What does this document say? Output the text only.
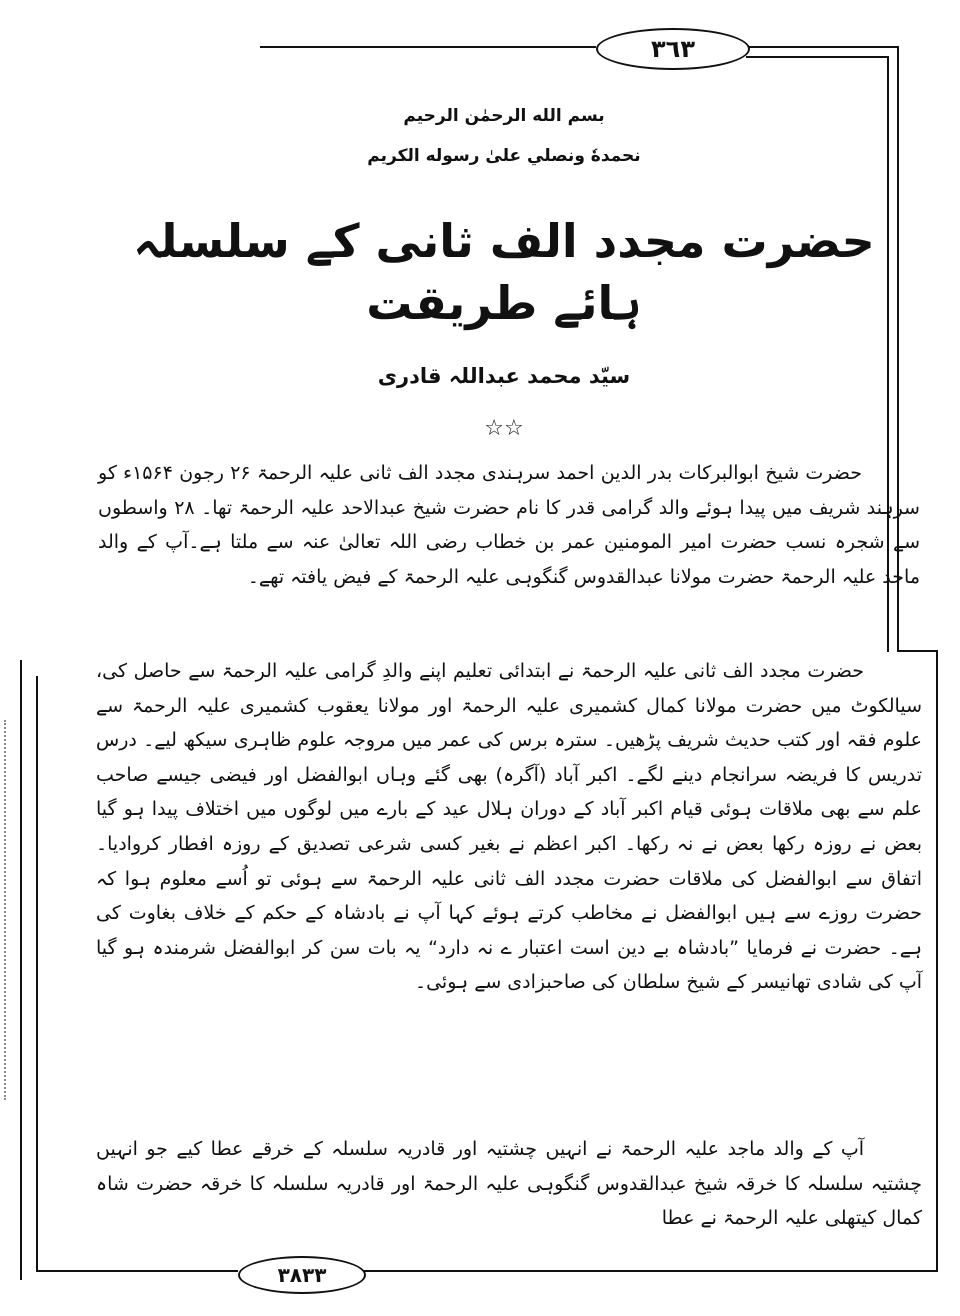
٣٦٣
٣٨٣٣

بسم الله الرحمٰن الرحيم

نحمدهٗ ونصلي علىٰ رسوله الكريم

حضرت مجدد الف ثانی کے سلسلہ ہائے طریقت

سیّد محمد عبداللہ قادری

☆☆

حضرت شیخ ابوالبرکات بدر الدین احمد سرہندی مجدد الف ثانی علیہ الرحمۃ ۲۶ رجون ۱۵۶۴ء کو سرہند شریف میں پیدا ہوئے والد گرامی قدر کا نام حضرت شیخ عبدالاحد علیہ الرحمۃ تھا۔ ۲۸ واسطوں سے شجرہ نسب حضرت امیر المومنین عمر بن خطاب رضی اللہ تعالیٰ عنہ سے ملتا ہے۔آپ کے والد ماجد علیہ الرحمۃ حضرت مولانا عبدالقدوس گنگوہی علیہ الرحمۃ کے فیض یافتہ تھے۔

حضرت مجدد الف ثانی علیہ الرحمۃ نے ابتدائی تعلیم اپنے والدِ گرامی علیہ الرحمۃ سے حاصل کی، سیالکوٹ میں حضرت مولانا کمال کشمیری علیہ الرحمۃ اور مولانا یعقوب کشمیری علیہ الرحمۃ سے علوم فقہ اور کتب حدیث شریف پڑھیں۔ سترہ برس کی عمر میں مروجہ علوم ظاہری سیکھ لیے۔ درس تدریس کا فریضہ سرانجام دینے لگے۔ اکبر آباد (آگرہ) بھی گئے وہاں ابوالفضل اور فیضی جیسے صاحب علم سے بھی ملاقات ہوئی قیام اکبر آباد کے دوران ہلال عید کے بارے میں لوگوں میں اختلاف پیدا ہو گیا بعض نے روزہ رکھا بعض نے نہ رکھا۔ اکبر اعظم نے بغیر کسی شرعی تصدیق کے روزہ افطار کروادیا۔ اتفاق سے ابوالفضل کی ملاقات حضرت مجدد الف ثانی علیہ الرحمۃ سے ہوئی تو اُسے معلوم ہوا کہ حضرت روزے سے ہیں ابوالفضل نے مخاطب کرتے ہوئے کہا آپ نے بادشاہ کے حکم کے خلاف بغاوت کی ہے۔ حضرت نے فرمایا ”بادشاہ بے دین است اعتبار ے نہ دارد“ یہ بات سن کر ابوالفضل شرمندہ ہو گیا آپ کی شادی تھانیسر کے شیخ سلطان کی صاحبزادی سے ہوئی۔

آپ کے والد ماجد علیہ الرحمۃ نے انہیں چشتیہ اور قادریہ سلسلہ کے خرقے عطا کیے جو انہیں چشتیہ سلسلہ کا خرقہ شیخ عبدالقدوس گنگوہی علیہ الرحمۃ اور قادریہ سلسلہ کا خرقہ حضرت شاہ کمال کیتھلی علیہ الرحمۃ نے عطا
